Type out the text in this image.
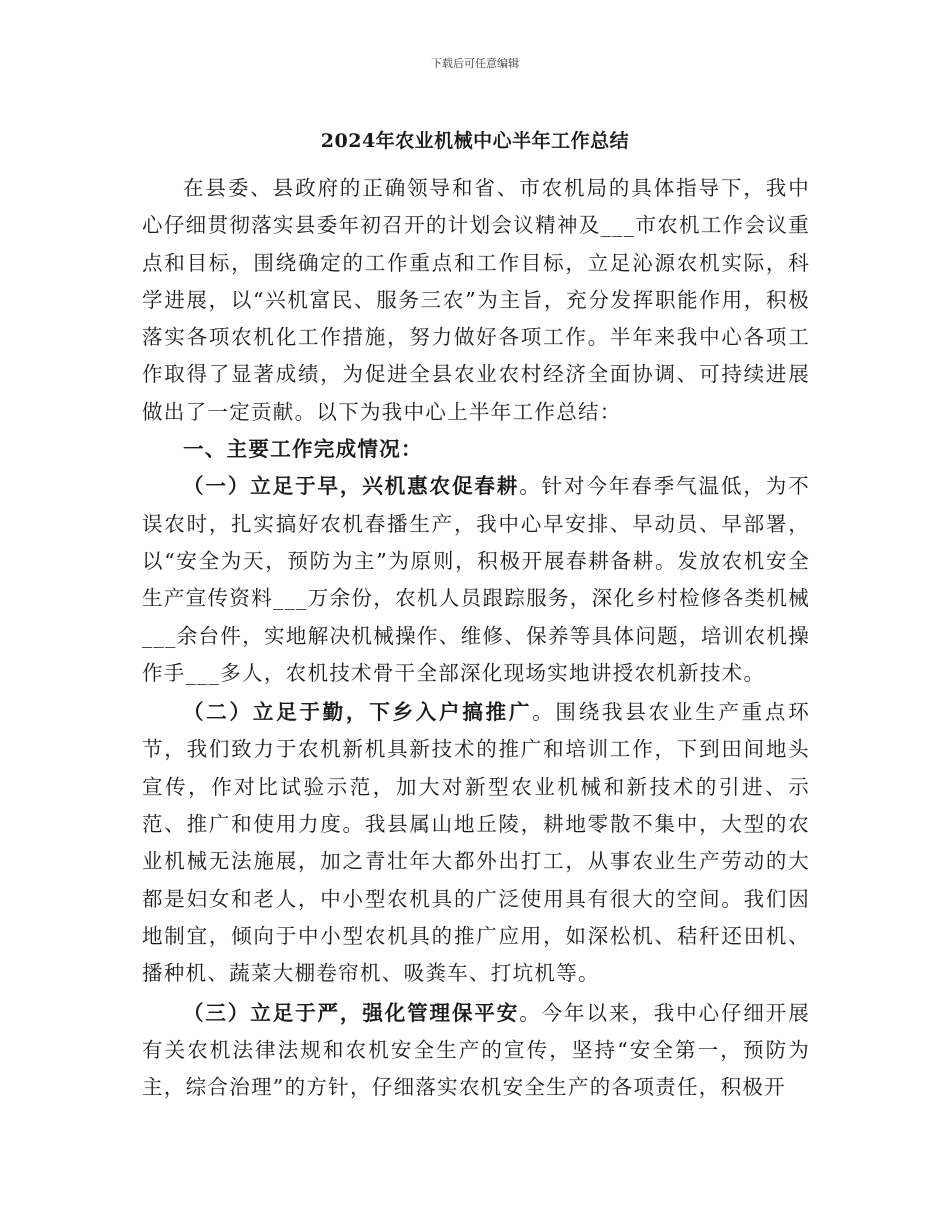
下载后可任意编辑
2024年农业机械中心半年工作总结

在县委、县政府的正确领导和省、市农机局的具体指导下，我中心仔细贯彻落实县委年初召开的计划会议精神及___市农机工作会议重点和目标，围绕确定的工作重点和工作目标，立足沁源农机实际，科学进展，以“兴机富民、服务三农”为主旨，充分发挥职能作用，积极落实各项农机化工作措施，努力做好各项工作。半年来我中心各项工作取得了显著成绩，为促进全县农业农村经济全面协调、可持续进展做出了一定贡献。以下为我中心上半年工作总结：

一、主要工作完成情况：

（一）立足于早，兴机惠农促春耕。针对今年春季气温低，为不误农时，扎实搞好农机春播生产，我中心早安排、早动员、早部署，以“安全为天，预防为主”为原则，积极开展春耕备耕。发放农机安全生产宣传资料___万余份，农机人员跟踪服务，深化乡村检修各类机械___余台件，实地解决机械操作、维修、保养等具体问题，培训农机操作手___多人，农机技术骨干全部深化现场实地讲授农机新技术。

（二）立足于勤，下乡入户搞推广。围绕我县农业生产重点环节，我们致力于农机新机具新技术的推广和培训工作，下到田间地头宣传，作对比试验示范，加大对新型农业机械和新技术的引进、示范、推广和使用力度。我县属山地丘陵，耕地零散不集中，大型的农业机械无法施展，加之青壮年大都外出打工，从事农业生产劳动的大都是妇女和老人，中小型农机具的广泛使用具有很大的空间。我们因地制宜，倾向于中小型农机具的推广应用，如深松机、秸秆还田机、播种机、蔬菜大棚卷帘机、吸粪车、打坑机等。

（三）立足于严，强化管理保平安。今年以来，我中心仔细开展有关农机法律法规和农机安全生产的宣传，坚持“安全第一，预防为主，综合治理”的方针，仔细落实农机安全生产的各项责任，积极开
